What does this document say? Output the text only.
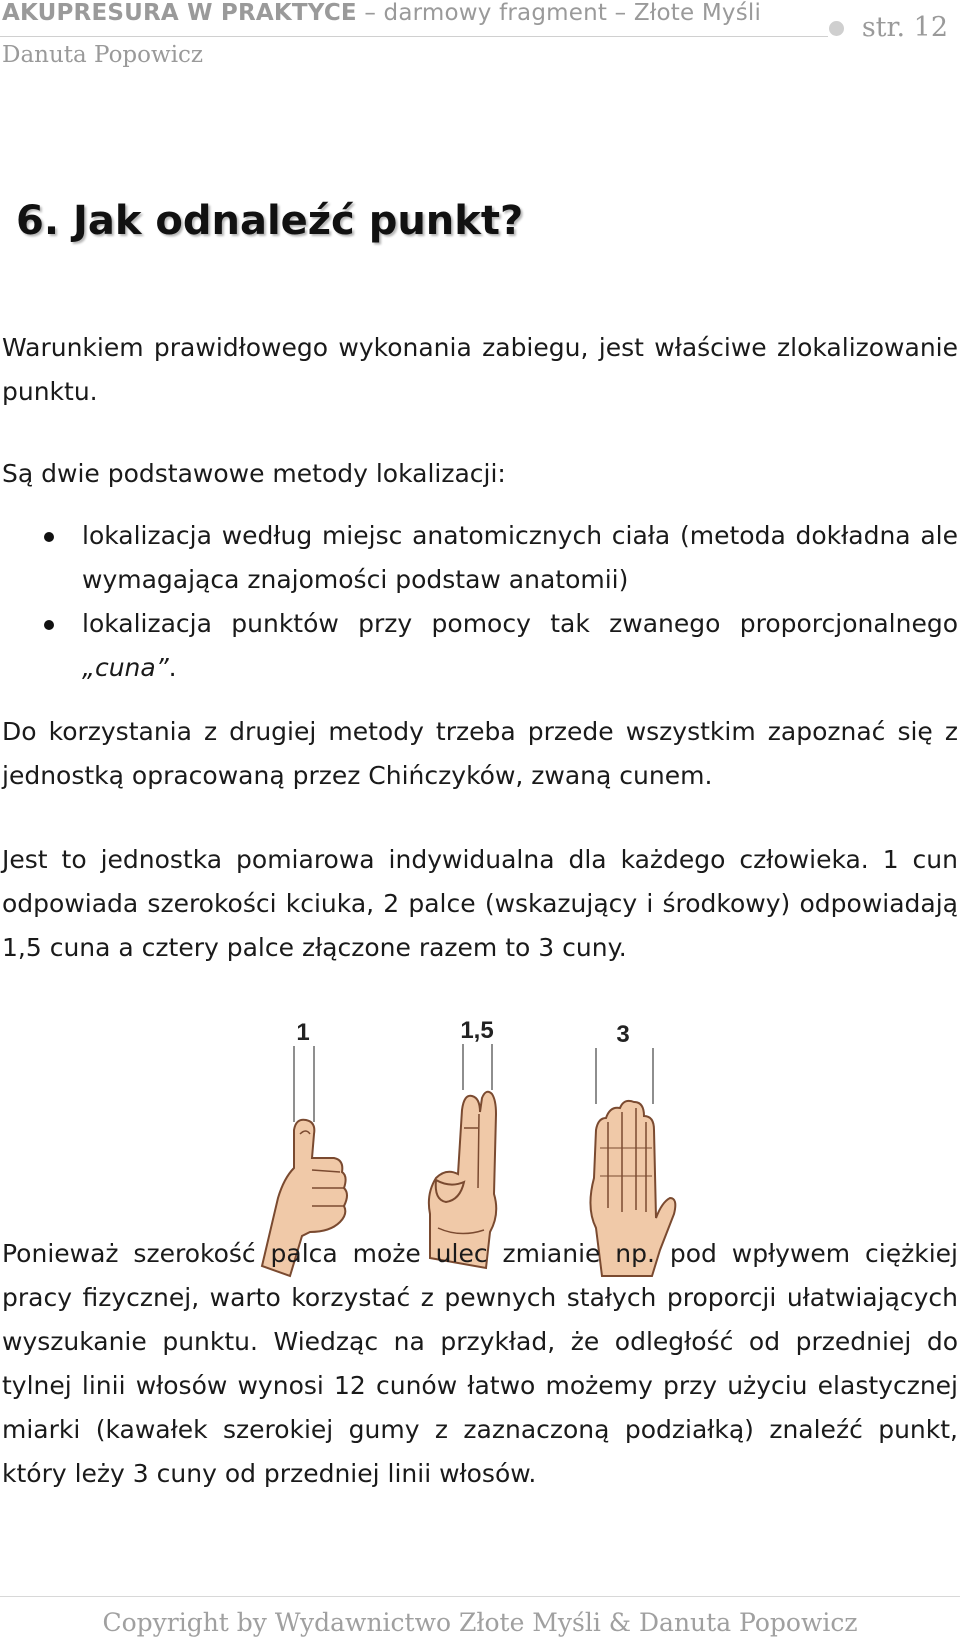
AKUPRESURA W PRAKTYCE – darmowy fragment – Złote Myśli
Danuta Popowicz
str. 12
6. Jak odnaleźć punkt?

Warunkiem prawidłowego wykonania zabiegu, jest właściwe zlokalizowanie punktu.

Są dwie podstawowe metody lokalizacji:

lokalizacja według miejsc anatomicznych ciała (metoda dokładna ale wymagająca znajomości podstaw anatomii)
lokalizacja punktów przy pomocy tak zwanego proporcjonalnego „cuna”.

Do korzystania z drugiej metody trzeba przede wszystkim zapoznać się z jednostką opracowaną przez Chińczyków, zwaną cunem.

Jest to jednostka pomiarowa indywidualna dla każdego człowieka. 1 cun odpowiada szerokości kciuka, 2 palce (wskazujący i środkowy) odpowiadają 1,5 cuna a cztery palce złączone razem to 3 cuny.

1	1,5	3

Ponieważ szerokość palca może ulec zmianie np. pod wpływem ciężkiej pracy fizycznej, warto korzystać z pewnych stałych proporcji ułatwiających wyszukanie punktu. Wiedząc na przykład, że odległość od przedniej do tylnej linii włosów wynosi 12 cunów łatwo możemy przy użyciu elastycznej miarki (kawałek szerokiej gumy z zaznaczoną podziałką) znaleźć punkt, który leży 3 cuny od przedniej linii włosów.

Copyright by Wydawnictwo Złote Myśli & Danuta Popowicz
